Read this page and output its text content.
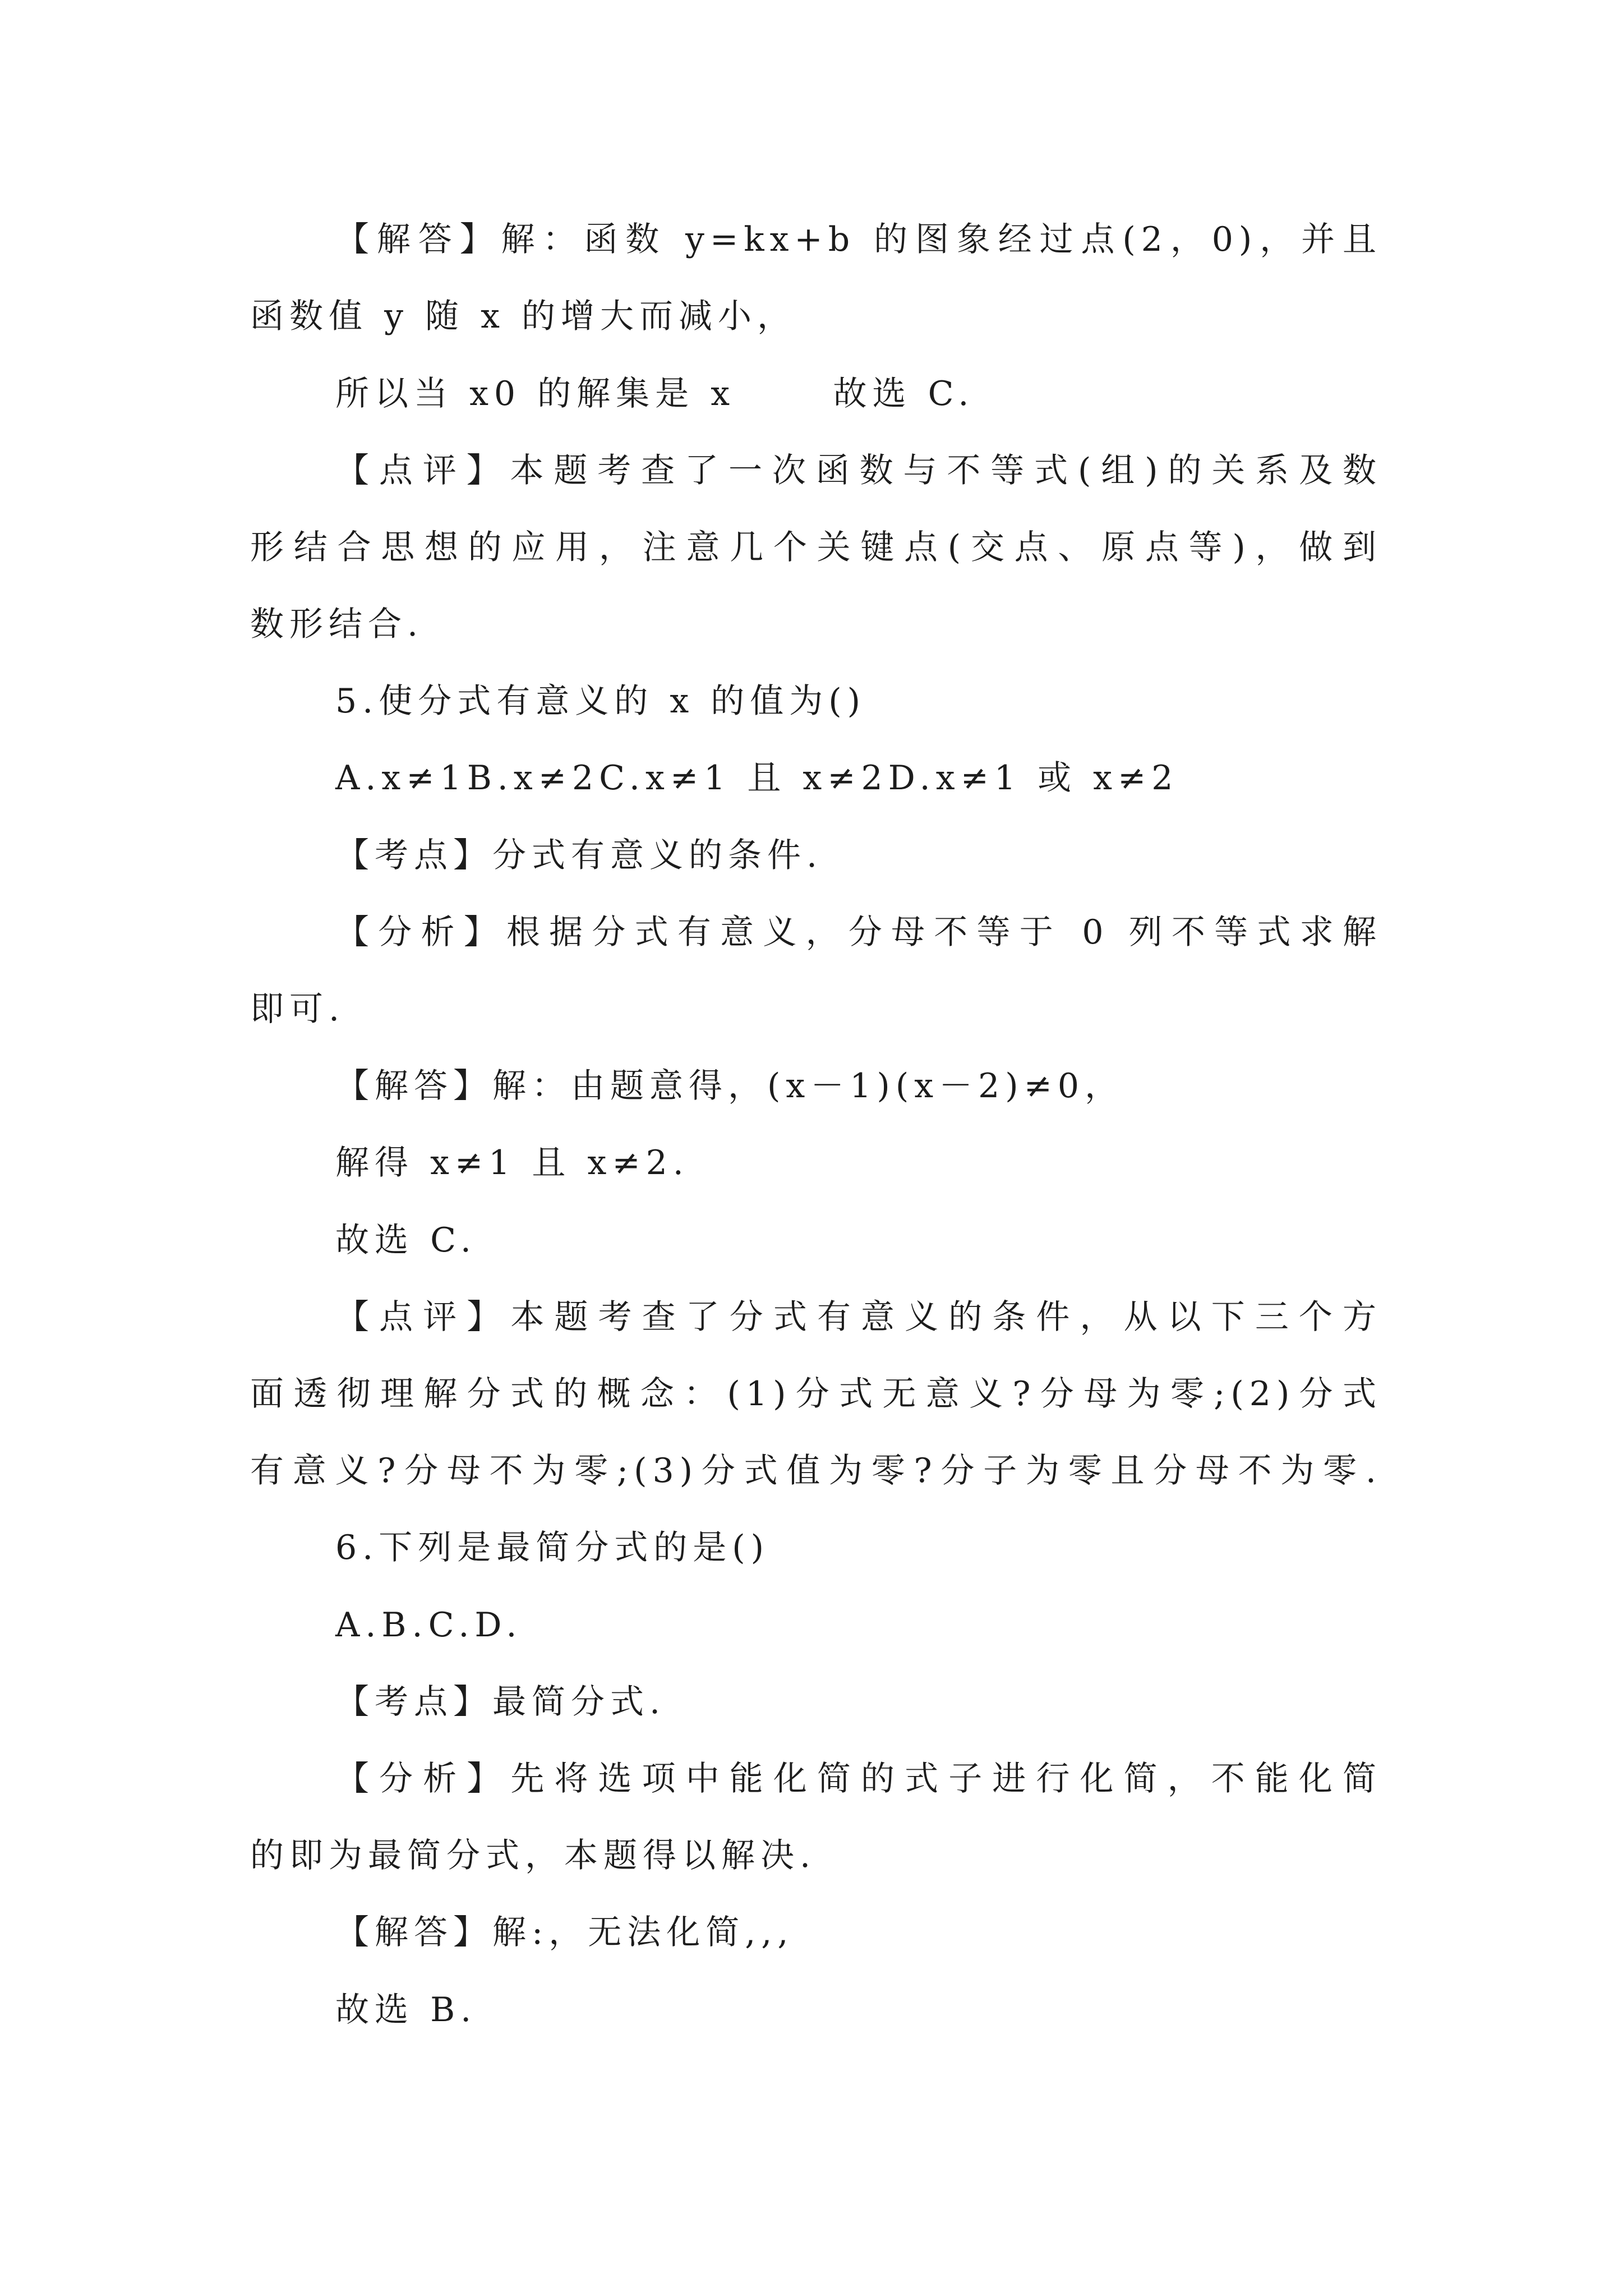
【解答】解：函数 y=kx+b 的图象经过点(2，0)，并且
函数值 y 随 x 的增大而减小，
所以当 x0 的解集是 x      故选 C.
【点评】本题考查了一次函数与不等式(组)的关系及数
形结合思想的应用，注意几个关键点(交点、原点等)，做到
数形结合.
5.使分式有意义的 x 的值为()
A.x≠1B.x≠2C.x≠1 且 x≠2D.x≠1 或 x≠2
【考点】分式有意义的条件.
【分析】根据分式有意义，分母不等于 0 列不等式求解
即可.
【解答】解：由题意得，(x－1)(x－2)≠0，
解得 x≠1 且 x≠2.
故选 C.
【点评】本题考查了分式有意义的条件，从以下三个方
面透彻理解分式的概念：(1)分式无意义?分母为零;(2)分式
有意义?分母不为零;(3)分式值为零?分子为零且分母不为零.
6.下列是最简分式的是()
A.B.C.D.
【考点】最简分式.
【分析】先将选项中能化简的式子进行化简，不能化简
的即为最简分式，本题得以解决.
【解答】解:，无法化简,,,
故选 B.
